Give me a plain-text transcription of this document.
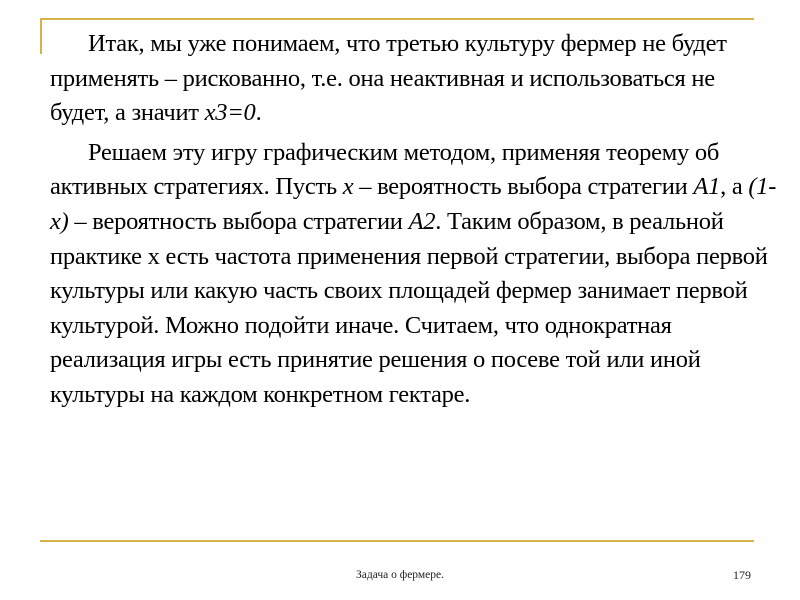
Итак, мы уже понимаем, что третью культуру фермер не будет применять – рискованно, т.е. она неактивная и использоваться не будет, а значит x3=0.

Решаем эту игру графическим методом, применяя теорему об активных стратегиях. Пусть x – вероятность выбора стратегии A1, а (1-x) – вероятность выбора стратегии A2. Таким образом, в реальной практике x есть частота применения первой стратегии, выбора первой культуры или какую часть своих площадей фермер занимает первой культурой. Можно подойти иначе. Считаем, что однократная реализация игры есть принятие решения о посеве той или иной культуры на каждом конкретном гектаре.

Задача о фермере.	179
